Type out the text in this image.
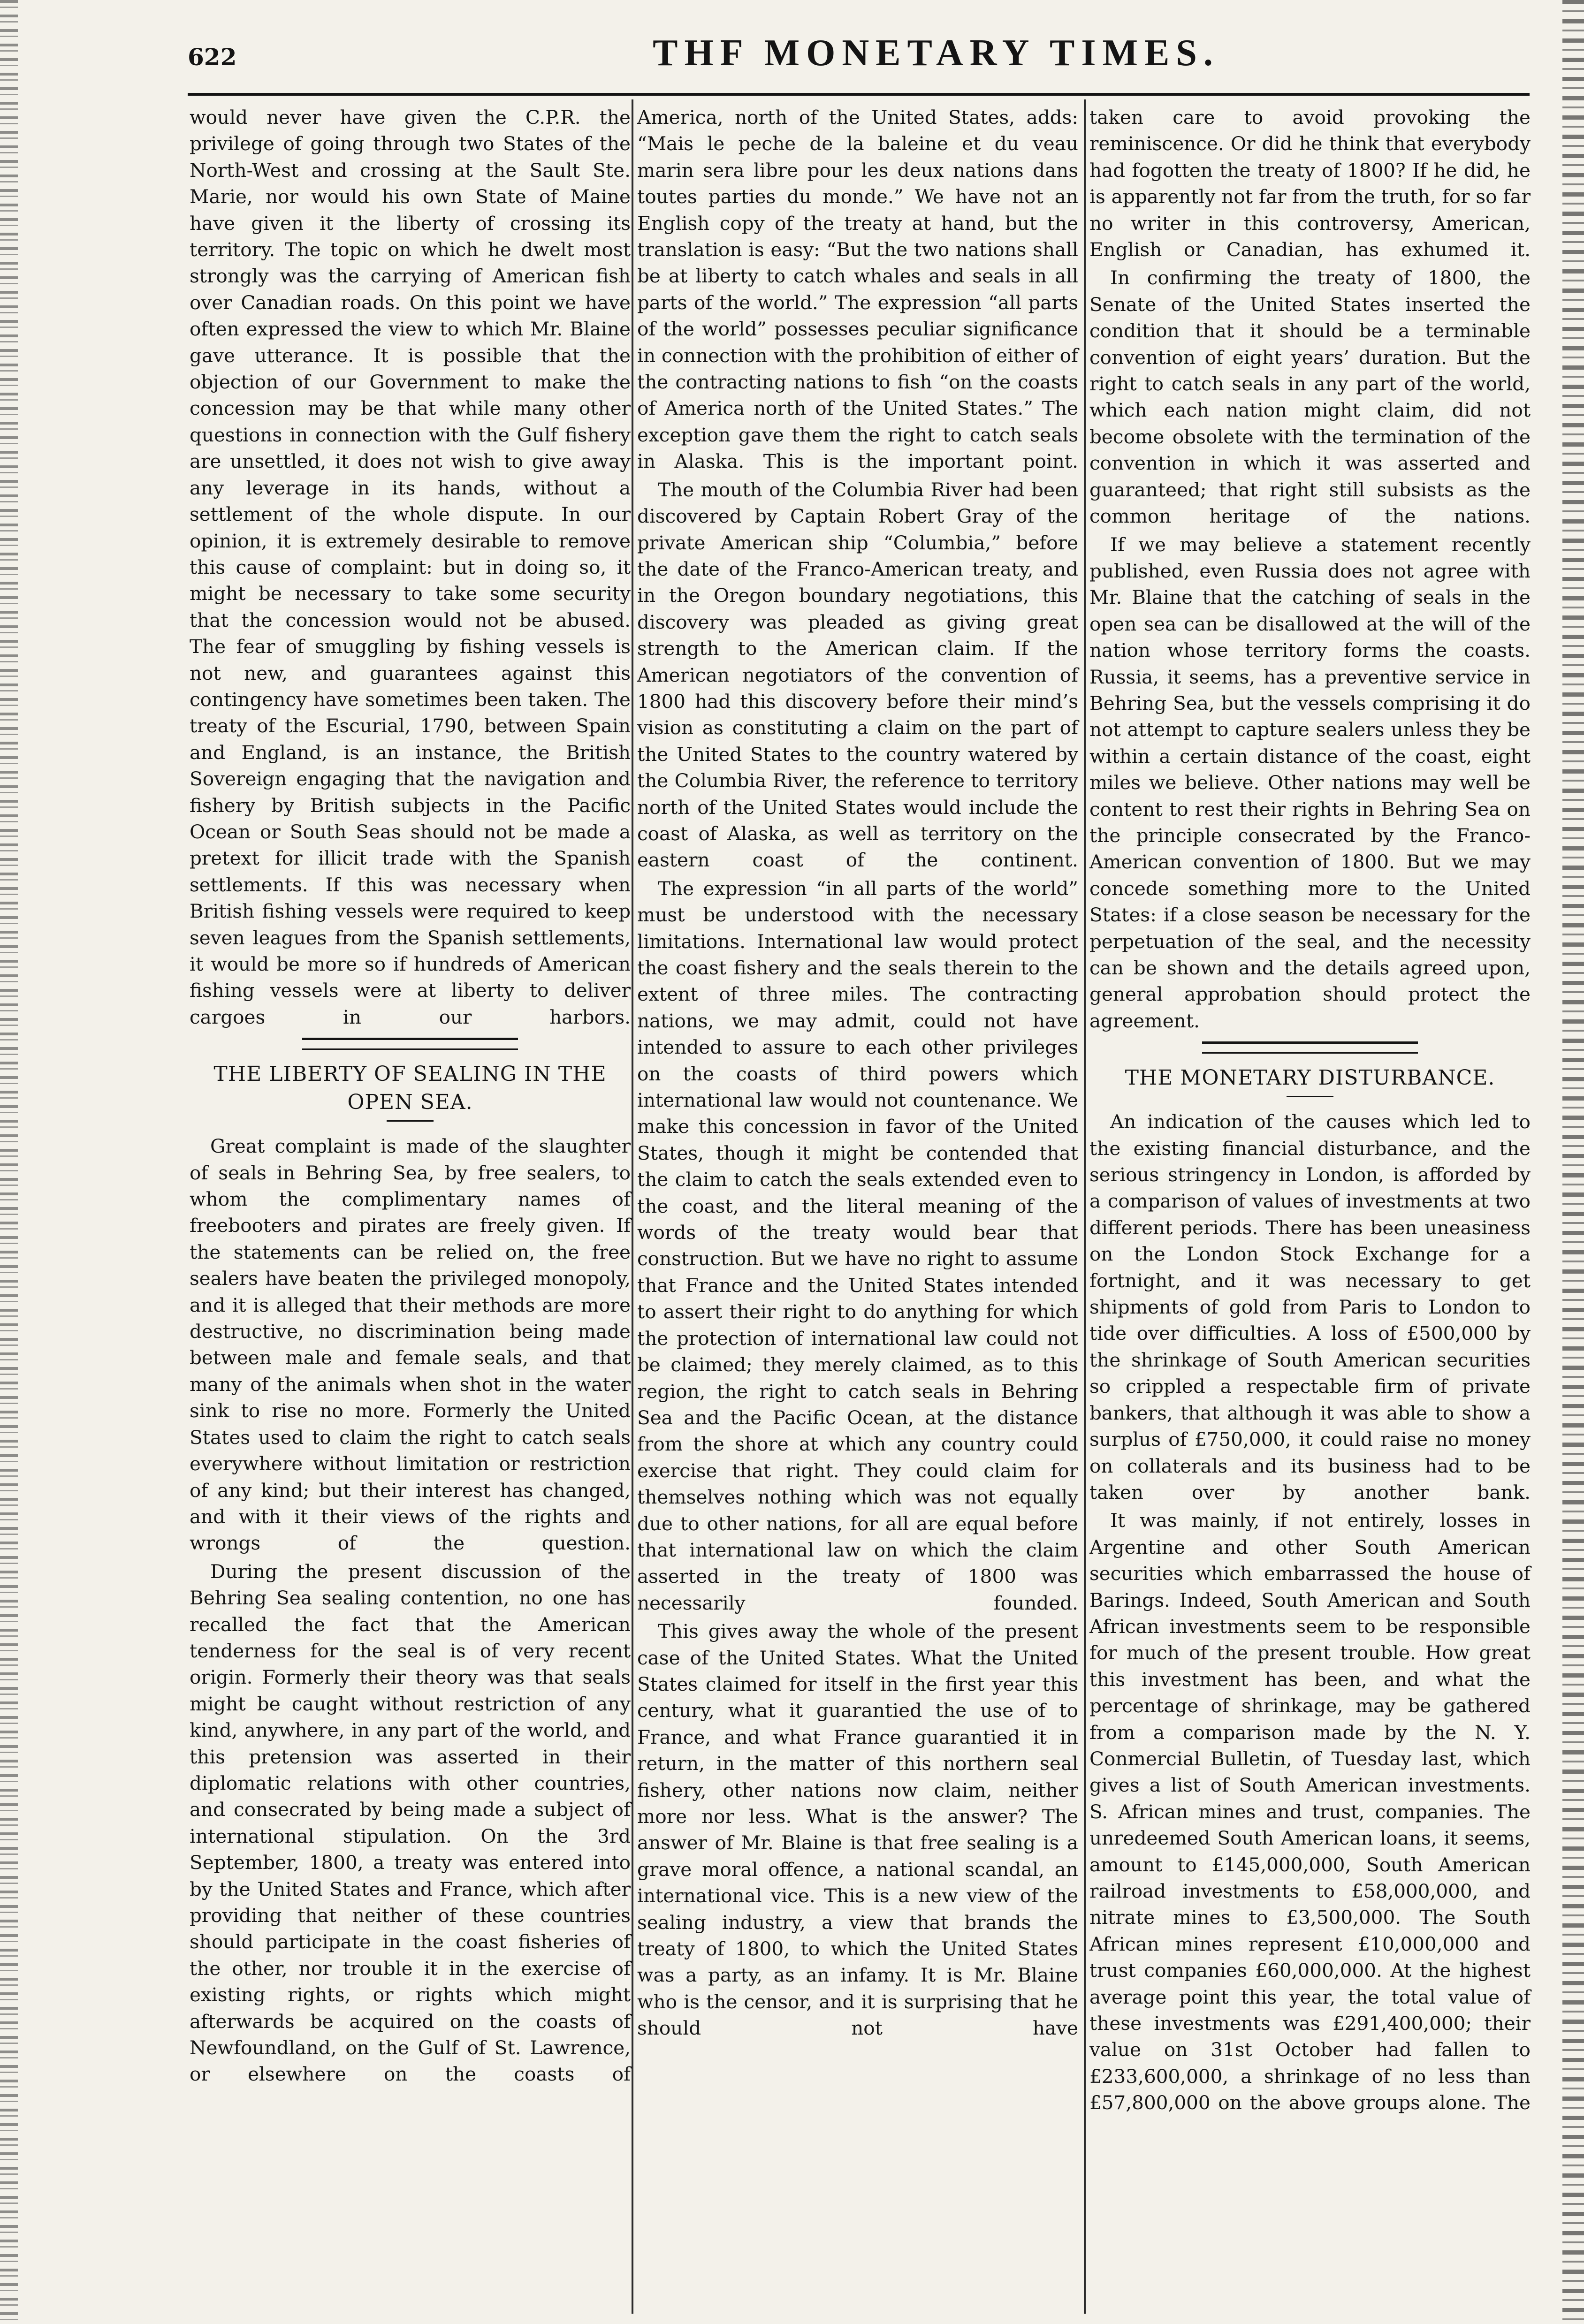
622	THF MONETARY TIMES.

would never have given the C.P.R. the privilege of going through two States of the North-West and crossing at the Sault Ste. Marie, nor would his own State of Maine have given it the liberty of crossing its territory. The topic on which he dwelt most strongly was the carrying of American fish over Canadian roads. On this point we have often expressed the view to which Mr. Blaine gave utterance. It is possible that the objection of our Government to make the concession may be that while many other questions in connection with the Gulf fishery are unsettled, it does not wish to give away any leverage in its hands, without a settlement of the whole dispute. In our opinion, it is extremely desirable to remove this cause of complaint: but in doing so, it might be necessary to take some security that the concession would not be abused. The fear of smuggling by fishing vessels is not new, and guarantees against this contingency have sometimes been taken. The treaty of the Escurial, 1790, between Spain and England, is an instance, the British Sovereign engaging that the navigation and fishery by British subjects in the Pacific Ocean or South Seas should not be made a pretext for illicit trade with the Spanish settlements. If this was necessary when British fishing vessels were required to keep seven leagues from the Spanish settlements, it would be more so if hundreds of American fishing vessels were at liberty to deliver cargoes in our harbors.

THE LIBERTY OF SEALING IN THE
OPEN SEA.

Great complaint is made of the slaughter of seals in Behring Sea, by free sealers, to whom the complimentary names of freebooters and pirates are freely given. If the statements can be relied on, the free sealers have beaten the privileged monopoly, and it is alleged that their methods are more destructive, no discrimination being made between male and female seals, and that many of the animals when shot in the water sink to rise no more. Formerly the United States used to claim the right to catch seals everywhere without limitation or restriction of any kind; but their interest has changed, and with it their views of the rights and wrongs of the question.

During the present discussion of the Behring Sea sealing contention, no one has recalled the fact that the American tenderness for the seal is of very recent origin. Formerly their theory was that seals might be caught without restriction of any kind, anywhere, in any part of the world, and this pretension was asserted in their diplomatic relations with other countries, and consecrated by being made a subject of international stipulation. On the 3rd September, 1800, a treaty was entered into by the United States and France, which after providing that neither of these countries should participate in the coast fisheries of the other, nor trouble it in the exercise of existing rights, or rights which might afterwards be acquired on the coasts of Newfoundland, on the Gulf of St. Lawrence, or elsewhere on the coasts of

America, north of the United States, adds: “Mais le peche de la baleine et du veau marin sera libre pour les deux nations dans toutes parties du monde.” We have not an English copy of the treaty at hand, but the translation is easy: “But the two nations shall be at liberty to catch whales and seals in all parts of the world.” The expression “all parts of the world” possesses peculiar significance in connection with the prohibition of either of the contracting nations to fish “on the coasts of America north of the United States.” The exception gave them the right to catch seals in Alaska. This is the important point.

The mouth of the Columbia River had been discovered by Captain Robert Gray of the private American ship “Columbia,” before the date of the Franco-American treaty, and in the Oregon boundary negotiations, this discovery was pleaded as giving great strength to the American claim. If the American negotiators of the convention of 1800 had this discovery before their mind’s vision as constituting a claim on the part of the United States to the country watered by the Columbia River, the reference to territory north of the United States would include the coast of Alaska, as well as territory on the eastern coast of the continent.

The expression “in all parts of the world” must be understood with the necessary limitations. International law would protect the coast fishery and the seals therein to the extent of three miles. The contracting nations, we may admit, could not have intended to assure to each other privileges on the coasts of third powers which international law would not countenance. We make this concession in favor of the United States, though it might be contended that the claim to catch the seals extended even to the coast, and the literal meaning of the words of the treaty would bear that construction. But we have no right to assume that France and the United States intended to assert their right to do anything for which the protection of international law could not be claimed; they merely claimed, as to this region, the right to catch seals in Behring Sea and the Pacific Ocean, at the distance from the shore at which any country could exercise that right. They could claim for themselves nothing which was not equally due to other nations, for all are equal before that international law on which the claim asserted in the treaty of 1800 was necessarily founded.

This gives away the whole of the present case of the United States. What the United States claimed for itself in the first year this century, what it guarantied the use of to France, and what France guarantied it in return, in the matter of this northern seal fishery, other nations now claim, neither more nor less. What is the answer? The answer of Mr. Blaine is that free sealing is a grave moral offence, a national scandal, an international vice. This is a new view of the sealing industry, a view that brands the treaty of 1800, to which the United States was a party, as an infamy. It is Mr. Blaine who is the censor, and it is surprising that he should not have

taken care to avoid provoking the reminiscence. Or did he think that everybody had fogotten the treaty of 1800? If he did, he is apparently not far from the truth, for so far no writer in this controversy, American, English or Canadian, has exhumed it.

In confirming the treaty of 1800, the Senate of the United States inserted the condition that it should be a terminable convention of eight years’ duration. But the right to catch seals in any part of the world, which each nation might claim, did not become obsolete with the termination of the convention in which it was asserted and guaranteed; that right still subsists as the common heritage of the nations.

If we may believe a statement recently published, even Russia does not agree with Mr. Blaine that the catching of seals in the open sea can be disallowed at the will of the nation whose territory forms the coasts. Russia, it seems, has a preventive service in Behring Sea, but the vessels comprising it do not attempt to capture sealers unless they be within a certain distance of the coast, eight miles we believe. Other nations may well be content to rest their rights in Behring Sea on the principle consecrated by the Franco-American convention of 1800. But we may concede something more to the United States: if a close season be necessary for the perpetuation of the seal, and the necessity can be shown and the details agreed upon, general approbation should protect the agreement.

THE MONETARY DISTURBANCE.

An indication of the causes which led to the existing financial disturbance, and the serious stringency in London, is afforded by a comparison of values of investments at two different periods. There has been uneasiness on the London Stock Exchange for a fortnight, and it was necessary to get shipments of gold from Paris to London to tide over difficulties. A loss of £500,000 by the shrinkage of South American securities so crippled a respectable firm of private bankers, that although it was able to show a surplus of £750,000, it could raise no money on collaterals and its business had to be taken over by another bank.

It was mainly, if not entirely, losses in Argentine and other South American securities which embarrassed the house of Barings. Indeed, South American and South African investments seem to be responsible for much of the present trouble. How great this investment has been, and what the percentage of shrinkage, may be gathered from a comparison made by the N. Y. Conmercial Bulletin, of Tuesday last, which gives a list of South American investments. S. African mines and trust, companies. The unredeemed South American loans, it seems, amount to £145,000,000, South American railroad investments to £58,000,000, and nitrate mines to £3,500,000. The South African mines represent £10,000,000 and trust companies £60,000,000. At the highest average point this year, the total value of these investments was £291,400,000; their value on 31st October had fallen to £233,600,000, a shrinkage of no less than £57,800,000 on the above groups alone. The
